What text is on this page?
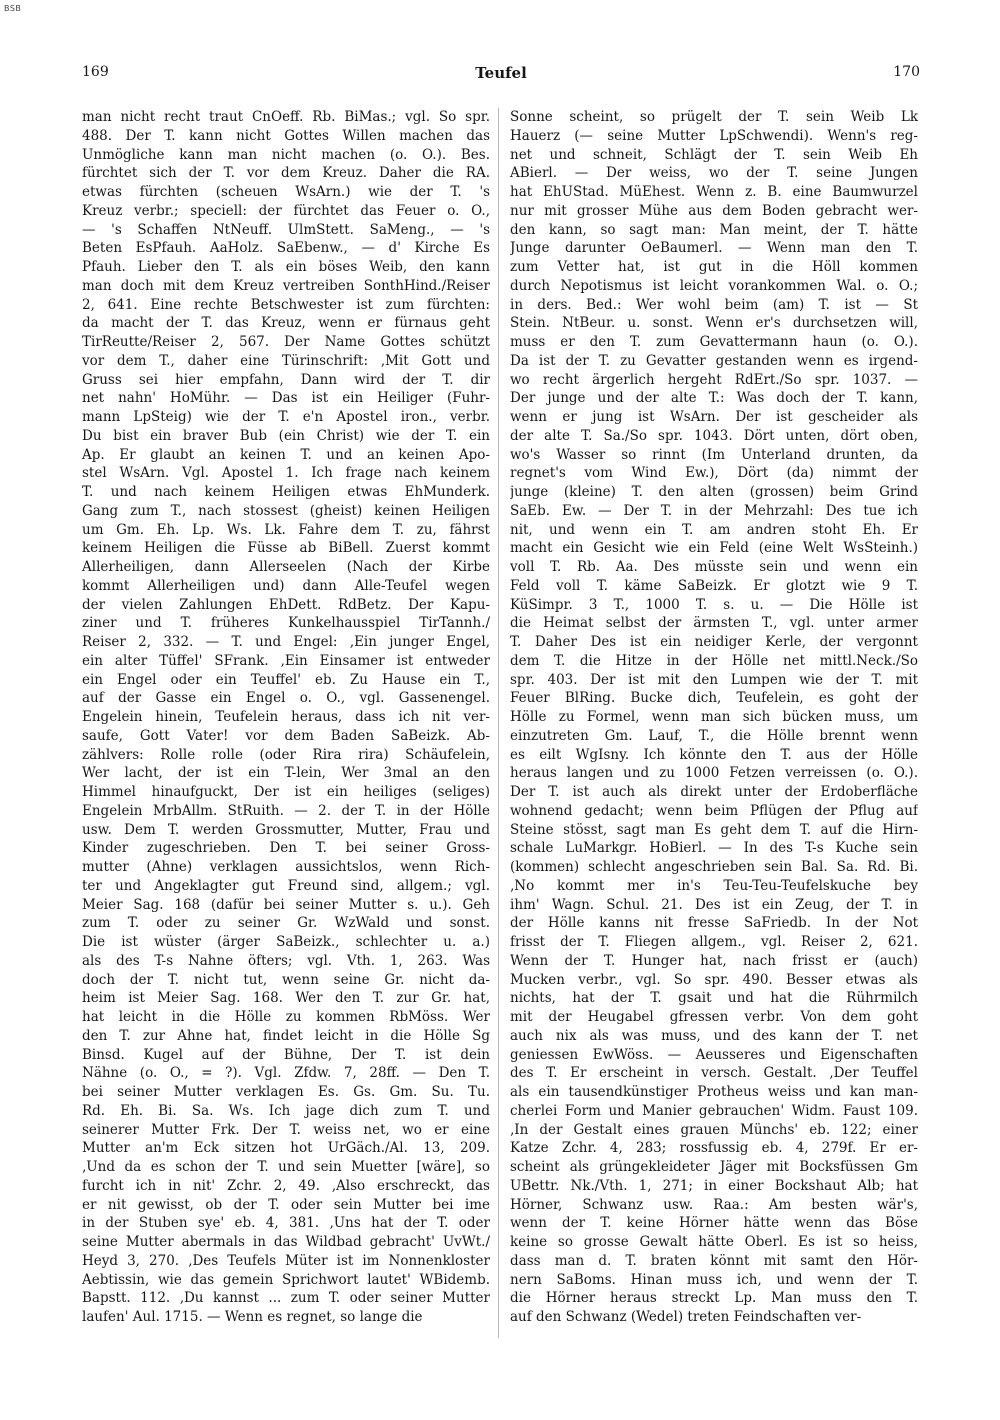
BSB
169	Teufel	170
man nicht recht traut CnOeff. Rb. BiMas.; vgl. So spr.
488. Der T. kann nicht Gottes Willen machen das
Unmögliche kann man nicht machen (o. O.). Bes.
fürchtet sich der T. vor dem Kreuz. Daher die RA.
etwas fürchten (scheuen WsArn.) wie der T. 's
Kreuz verbr.; speciell: der fürchtet das Feuer o. O.,
— 's Schaffen NtNeuff. UlmStett. SaMeng., — 's
Beten EsPfauh. AaHolz. SaEbenw., — d' Kirche Es
Pfauh. Lieber den T. als ein böses Weib, den kann
man doch mit dem Kreuz vertreiben SonthHind./Reiser
2, 641. Eine rechte Betschwester ist zum fürchten:
da macht der T. das Kreuz, wenn er fürnaus geht
TirReutte/Reiser 2, 567. Der Name Gottes schützt
vor dem T., daher eine Türinschrift: ‚Mit Gott und
Gruss sei hier empfahn, Dann wird der T. dir
net nahn' HoMühr. — Das ist ein Heiliger (Fuhr-
mann LpSteig) wie der T. e'n Apostel iron., verbr.
Du bist ein braver Bub (ein Christ) wie der T. ein
Ap. Er glaubt an keinen T. und an keinen Apo-
stel WsArn. Vgl. Apostel 1. Ich frage nach keinem
T. und nach keinem Heiligen etwas EhMunderk.
Gang zum T., nach stossest (gheist) keinen Heiligen
um Gm. Eh. Lp. Ws. Lk. Fahre dem T. zu, fährst
keinem Heiligen die Füsse ab BiBell. Zuerst kommt
Allerheiligen, dann Allerseelen (Nach der Kirbe
kommt Allerheiligen und) dann Alle-Teufel wegen
der vielen Zahlungen EhDett. RdBetz. Der Kapu-
ziner und T. früheres Kunkelhausspiel TirTannh./
Reiser 2, 332. — T. und Engel: ‚Ein junger Engel,
ein alter Tüffel' SFrank. ‚Ein Einsamer ist entweder
ein Engel oder ein Teuffel' eb. Zu Hause ein T.,
auf der Gasse ein Engel o. O., vgl. Gassenengel.
Engelein hinein, Teufelein heraus, dass ich nit ver-
saufe, Gott Vater! vor dem Baden SaBeizk. Ab-
zählvers: Rolle rolle (oder Rira rira) Schäufelein,
Wer lacht, der ist ein T-lein, Wer 3mal an den
Himmel hinaufguckt, Der ist ein heiliges (seliges)
Engelein MrbAllm. StRuith. — 2. der T. in der Hölle
usw. Dem T. werden Grossmutter, Mutter, Frau und
Kinder zugeschrieben. Den T. bei seiner Gross-
mutter (Ahne) verklagen aussichtslos, wenn Rich-
ter und Angeklagter gut Freund sind, allgem.; vgl.
Meier Sag. 168 (dafür bei seiner Mutter s. u.). Geh
zum T. oder zu seiner Gr. WzWald und sonst.
Die ist wüster (ärger SaBeizk., schlechter u. a.)
als des T-s Nahne öfters; vgl. Vth. 1, 263. Was
doch der T. nicht tut, wenn seine Gr. nicht da-
heim ist Meier Sag. 168. Wer den T. zur Gr. hat,
hat leicht in die Hölle zu kommen RbMöss. Wer
den T. zur Ahne hat, findet leicht in die Hölle Sg
Binsd. Kugel auf der Bühne, Der T. ist dein
Nähne (o. O., = ?). Vgl. Zfdw. 7, 28ff. — Den T.
bei seiner Mutter verklagen Es. Gs. Gm. Su. Tu.
Rd. Eh. Bi. Sa. Ws. Ich jage dich zum T. und
seinerer Mutter Frk. Der T. weiss net, wo er eine
Mutter an'm Eck sitzen hot UrGäch./Al. 13, 209.
‚Und da es schon der T. und sein Muetter [wäre], so
furcht ich in nit' Zchr. 2, 49. ‚Also erschreckt, das
er nit gewisst, ob der T. oder sein Mutter bei ime
in der Stuben sye' eb. 4, 381. ‚Uns hat der T. oder
seine Mutter abermals in das Wildbad gebracht' UvWt./
Heyd 3, 270. ‚Des Teufels Müter ist im Nonnenkloster
Aebtissin, wie das gemein Sprichwort lautet' WBidemb.
Bapstt. 112. ‚Du kannst ... zum T. oder seiner Mutter
laufen' Aul. 1715. — Wenn es regnet, so lange die
Sonne scheint, so prügelt der T. sein Weib Lk
Hauerz (— seine Mutter LpSchwendi). Wenn's reg-
net und schneit, Schlägt der T. sein Weib Eh
ABierl. — Der weiss, wo der T. seine Jungen
hat EhUStad. MüEhest. Wenn z. B. eine Baumwurzel
nur mit grosser Mühe aus dem Boden gebracht wer-
den kann, so sagt man: Man meint, der T. hätte
Junge darunter OeBaumerl. — Wenn man den T.
zum Vetter hat, ist gut in die Höll kommen
durch Nepotismus ist leicht vorankommen Wal. o. O.;
in ders. Bed.: Wer wohl beim (am) T. ist — St
Stein. NtBeur. u. sonst. Wenn er's durchsetzen will,
muss er den T. zum Gevattermann haun (o. O.).
Da ist der T. zu Gevatter gestanden wenn es irgend-
wo recht ärgerlich hergeht RdErt./So spr. 1037. —
Der junge und der alte T.: Was doch der T. kann,
wenn er jung ist WsArn. Der ist gescheider als
der alte T. Sa./So spr. 1043. Dört unten, dört oben,
wo's Wasser so rinnt (Im Unterland drunten, da
regnet's vom Wind Ew.), Dört (da) nimmt der
junge (kleine) T. den alten (grossen) beim Grind
SaEb. Ew. — Der T. in der Mehrzahl: Des tue ich
nit, und wenn ein T. am andren stoht Eh. Er
macht ein Gesicht wie ein Feld (eine Welt WsSteinh.)
voll T. Rb. Aa. Des müsste sein und wenn ein
Feld voll T. käme SaBeizk. Er glotzt wie 9 T.
KüSimpr. 3 T., 1000 T. s. u. — Die Hölle ist
die Heimat selbst der ärmsten T., vgl. unter armer
T. Daher Des ist ein neidiger Kerle, der vergonnt
dem T. die Hitze in der Hölle net mittl.Neck./So
spr. 403. Der ist mit den Lumpen wie der T. mit
Feuer BlRing. Bucke dich, Teufelein, es goht der
Hölle zu Formel, wenn man sich bücken muss, um
einzutreten Gm. Lauf, T., die Hölle brennt wenn
es eilt WgIsny. Ich könnte den T. aus der Hölle
heraus langen und zu 1000 Fetzen verreissen (o. O.).
Der T. ist auch als direkt unter der Erdoberfläche
wohnend gedacht; wenn beim Pflügen der Pflug auf
Steine stösst, sagt man Es geht dem T. auf die Hirn-
schale LuMarkgr. HoBierl. — In des T-s Kuche sein
(kommen) schlecht angeschrieben sein Bal. Sa. Rd. Bi.
‚No kommt mer in's Teu-Teu-Teufelskuche bey
ihm' Wagn. Schul. 21. Des ist ein Zeug, der T. in
der Hölle kanns nit fresse SaFriedb. In der Not
frisst der T. Fliegen allgem., vgl. Reiser 2, 621.
Wenn der T. Hunger hat, nach frisst er (auch)
Mucken verbr., vgl. So spr. 490. Besser etwas als
nichts, hat der T. gsait und hat die Rührmilch
mit der Heugabel gfressen verbr. Von dem goht
auch nix als was muss, und des kann der T. net
geniessen EwWöss. — Aeusseres und Eigenschaften
des T. Er erscheint in versch. Gestalt. ‚Der Teuffel
als ein tausendkünstiger Protheus weiss und kan man-
cherlei Form und Manier gebrauchen' Widm. Faust 109.
‚In der Gestalt eines grauen Münchs' eb. 122; einer
Katze Zchr. 4, 283; rossfussig eb. 4, 279f. Er er-
scheint als grüngekleideter Jäger mit Bocksfüssen Gm
UBettr. Nk./Vth. 1, 271; in einer Bockshaut Alb; hat
Hörner, Schwanz usw. Raa.: Am besten wär's,
wenn der T. keine Hörner hätte wenn das Böse
keine so grosse Gewalt hätte Oberl. Es ist so heiss,
dass man d. T. braten könnt mit samt den Hör-
nern SaBoms. Hinan muss ich, und wenn der T.
die Hörner heraus streckt Lp. Man muss den T.
auf den Schwanz (Wedel) treten Feindschaften ver-
